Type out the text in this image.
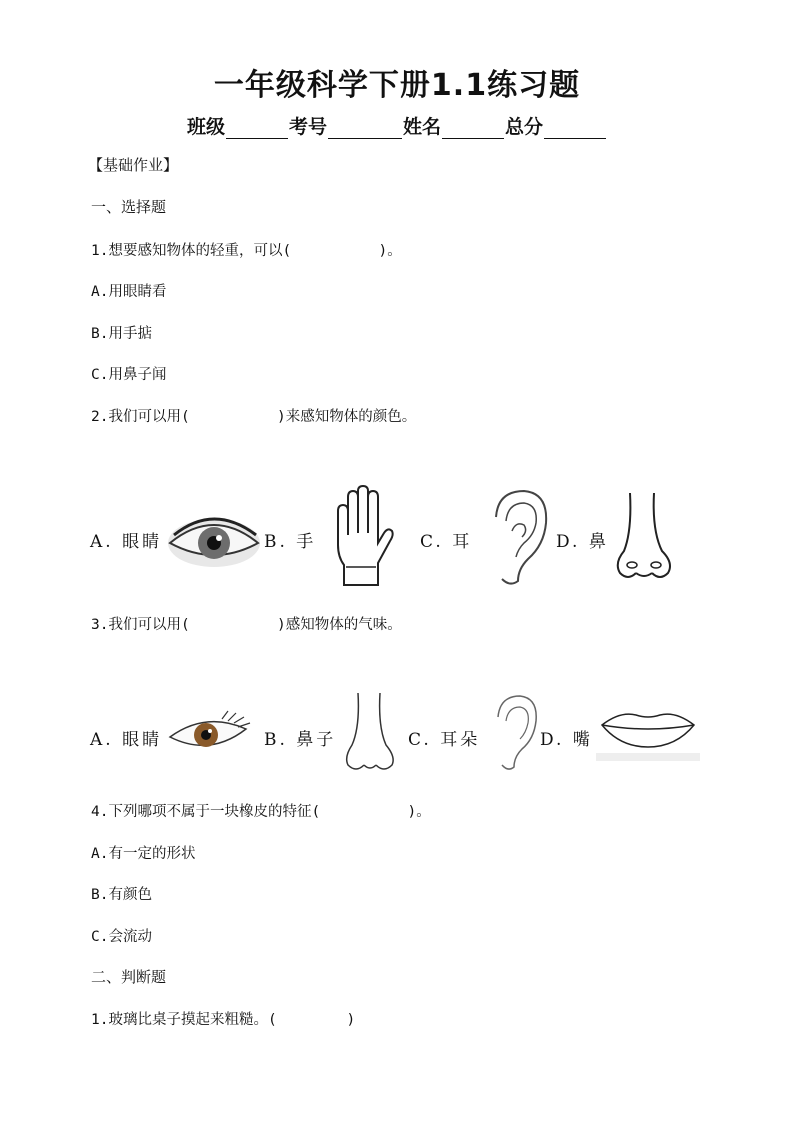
一年级科学下册1.1练习题
班级	考号	姓名	总分
【基础作业】
一、选择题
1.想要感知物体的轻重，可以(          )。
A.用眼睛看
B.用手掂
C.用鼻子闻
2.我们可以用(          )来感知物体的颜色。
A. 眼睛	B. 手	C. 耳	D. 鼻
3.我们可以用(          )感知物体的气味。
A. 眼睛	B. 鼻子	C. 耳朵	D. 嘴
4.下列哪项不属于一块橡皮的特征(          )。
A.有一定的形状
B.有颜色
C.会流动
二、判断题
1.玻璃比桌子摸起来粗糙。(        )
